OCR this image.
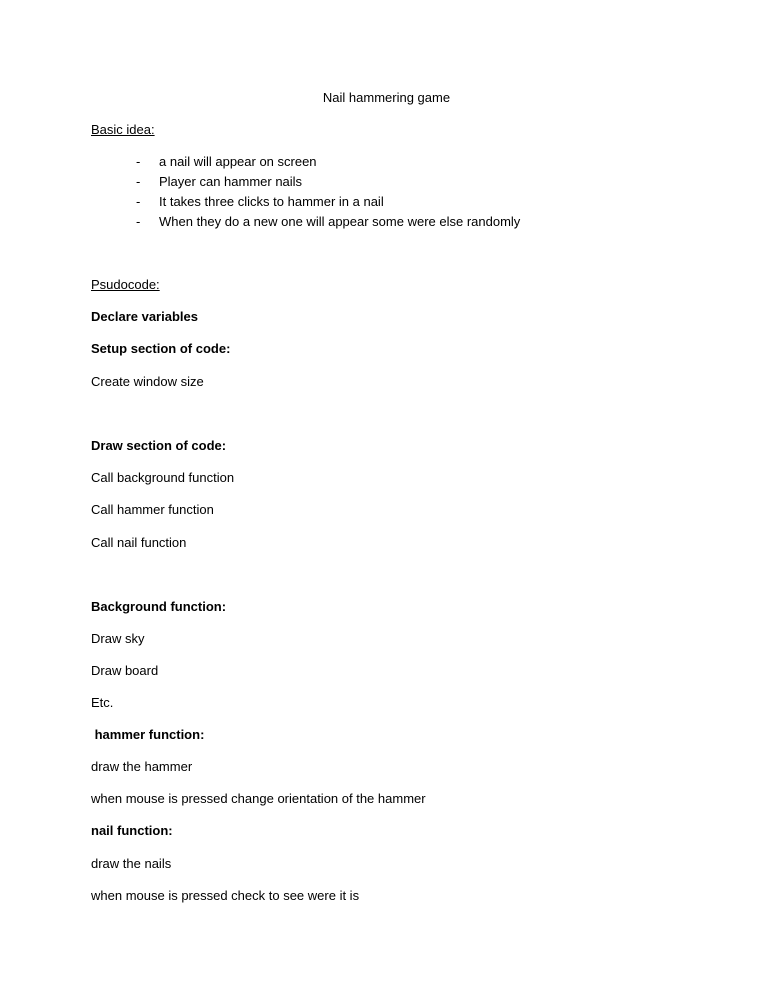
Nail hammering game
Basic idea:
-	a nail will appear on screen
-	Player can hammer nails
-	It takes three clicks to hammer in a nail
-	When they do a new one will appear some were else randomly
Psudocode:
Declare variables
Setup section of code:
Create window size
Draw section of code:
Call background function
Call hammer function
Call nail function
Background function:
Draw sky
Draw board
Etc.
hammer function:
draw the hammer
when mouse is pressed change orientation of the hammer
nail function:
draw the nails
when mouse is pressed check to see were it is
